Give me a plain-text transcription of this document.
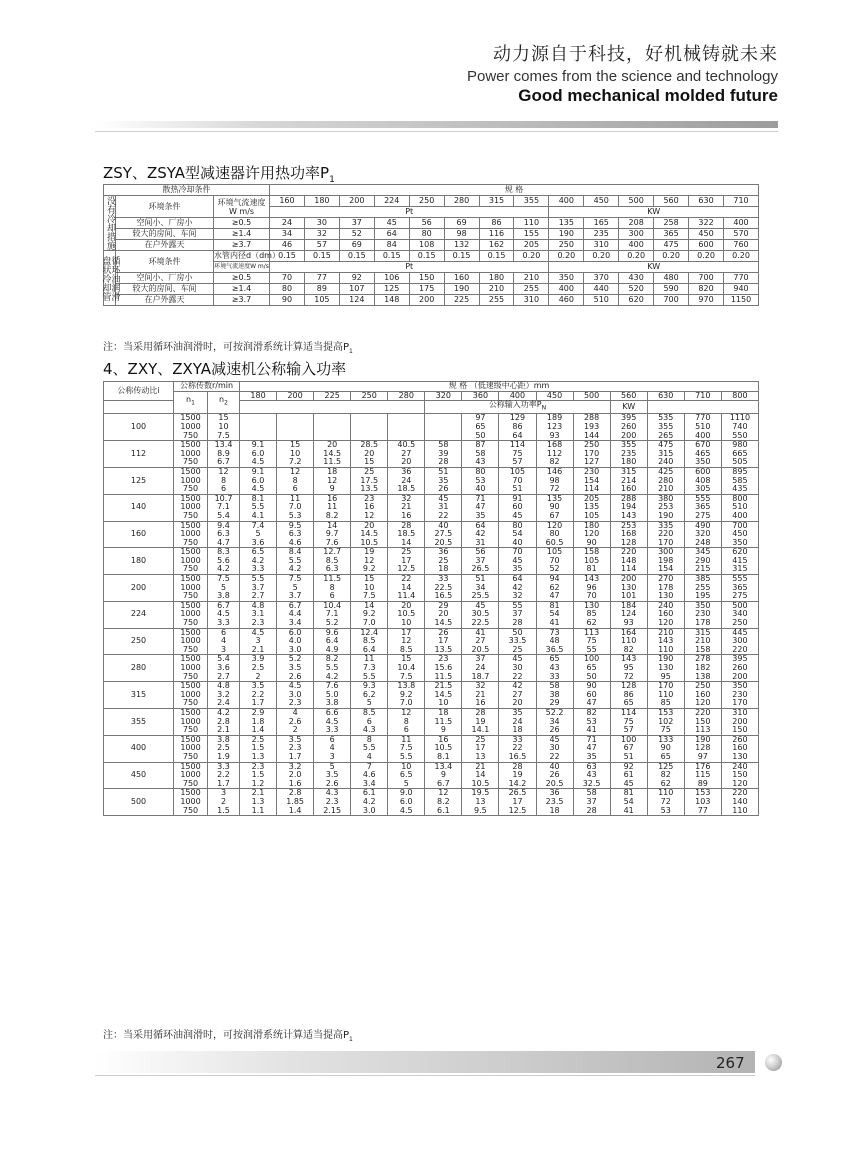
动力源自于科技，好机械铸就未来
Power comes from the science and technology
Good mechanical molded future
ZSY、ZSYA型减速器许用热功率$P_1$
散热冷却条件			规 格													
没有冷却措施	环境条件	环境气流速度W m/s	160	180	200	224	250	280	315	355	400	450	500	560	630	710
			Pt								KW					
	空间小、厂房小	≥0.5	24	30	37	45	56	69	86	110	135	165	208	258	322	400
	较大的房间、车间	≥1.4	34	32	52	64	80	98	116	155	190	235	300	365	450	570
	在户外露天	≥3.7	46	57	69	84	108	132	162	205	250	310	400	475	600	760

盘状冷却管 循环油润滑	环境条件	水管内径d（dm）	0.15	0.15	0.15	0.15	0.15	0.15	0.15	0.20	0.20	0.20	0.20	0.20	0.20	0.20
		环境气流速度W m/s	Pt								KW					
	空间小、厂房小	≥0.5	70	77	92	106	150	160	180	210	350	370	430	480	700	770
	较大的房间、车间	≥1.4	80	89	107	125	175	190	210	255	400	440	520	590	820	940
	在户外露天	≥3.7	90	105	124	148	200	225	255	310	460	510	620	700	970	1150
注：当采用循环油润滑时，可按润滑系统计算适当提高$P_1$
4、ZXY、ZXYA减速机公称输入功率
公称传动比i	公称传数r/min		规 格 （低速级中心距）mm													
	$n_1$	$n_2$	180	200	225	250	280	320	360	400	450	500	560	630	710	800
								公称输入功率$P_N$					KW			
100	1500	15							97	129	189	288	395	535	770	1110
	1000	10							65	86	123	193	260	355	510	740
	750	7.5							50	64	93	144	200	265	400	550
112	1500	13.4	9.1	15	20	28.5	40.5	58	87	114	168	250	355	475	670	980
	1000	8.9	6.0	10	14.5	20	27	39	58	75	112	170	235	315	465	665
	750	6.7	4.5	7.2	11.5	15	20	28	43	57	82	127	180	240	350	505
125	1500	12	9.1	12	18	25	36	51	80	105	146	230	315	425	600	895
	1000	8	6.0	8	12	17.5	24	35	53	70	98	154	214	280	408	585
	750	6	4.5	6	9	13.5	18.5	26	40	51	72	114	160	210	305	435
140	1500	10.7	8.1	11	16	23	32	45	71	91	135	205	288	380	555	800
	1000	7.1	5.5	7.0	11	16	21	31	47	60	90	135	194	253	365	510
	750	5.4	4.1	5.3	8.2	12	16	22	35	45	67	105	143	190	275	400
160	1500	9.4	7.4	9.5	14	20	28	40	64	80	120	180	253	335	490	700
	1000	6.3	5	6.3	9.7	14.5	18.5	27.5	42	54	80	120	168	220	320	450
	750	4.7	3.6	4.6	7.6	10.5	14	20.5	31	40	60.5	90	128	170	248	350
180	1500	8.3	6.5	8.4	12.7	19	25	36	56	70	105	158	220	300	345	620
	1000	5.6	4.2	5.5	8.5	12	17	25	37	45	70	105	148	198	290	415
	750	4.2	3.3	4.2	6.3	9.2	12.5	18	26.5	35	52	81	114	154	215	315
200	1500	7.5	5.5	7.5	11.5	15	22	33	51	64	94	143	200	270	385	555
	1000	5	3.7	5	8	10	14	22.5	34	42	62	96	130	178	255	365
	750	3.8	2.7	3.7	6	7.5	11.4	16.5	25.5	32	47	70	101	130	195	275
224	1500	6.7	4.8	6.7	10.4	14	20	29	45	55	81	130	184	240	350	500
	1000	4.5	3.1	4.4	7.1	9.2	10.5	20	30.5	37	54	85	124	160	230	340
	750	3.3	2.3	3.4	5.2	7.0	10	14.5	22.5	28	41	62	93	120	178	250
250	1500	6	4.5	6.0	9.6	12.4	17	26	41	50	73	113	164	210	315	445
	1000	4	3	4.0	6.4	8.5	12	17	27	33.5	48	75	110	143	210	300
	750	3	2.1	3.0	4.9	6.4	8.5	13.5	20.5	25	36.5	55	82	110	158	220
280	1500	5.4	3.9	5.2	8.2	11	15	23	37	45	65	100	143	190	278	395
	1000	3.6	2.5	3.5	5.5	7.3	10.4	15.6	24	30	43	65	95	130	182	260
	750	2.7	2	2.6	4.2	5.5	7.5	11.5	18.7	22	33	50	72	95	138	200
315	1500	4.8	3.5	4.5	7.6	9.3	13.8	21.5	32	42	58	90	128	170	250	350
	1000	3.2	2.2	3.0	5.0	6.2	9.2	14.5	21	27	38	60	86	110	160	230
	750	2.4	1.7	2.3	3.8	5	7.0	10	16	20	29	47	65	85	120	170
355	1500	4.2	2.9	4	6.6	8.5	12	18	28	35	52.2	82	114	153	220	310
	1000	2.8	1.8	2.6	4.5	6	8	11.5	19	24	34	53	75	102	150	200
	750	2.1	1.4	2	3.3	4.3	6	9	14.1	18	26	41	57	75	113	150
400	1500	3.8	2.5	3.5	6	8	11	16	25	33	45	71	100	133	190	260
	1000	2.5	1.5	2.3	4	5.5	7.5	10.5	17	22	30	47	67	90	128	160
	750	1.9	1.3	1.7	3	4	5.5	8.1	13	16.5	22	35	51	65	97	130
450	1500	3.3	2.3	3.2	5	7	10	13.4	21	28	40	63	92	125	176	240
	1000	2.2	1.5	2.0	3.5	4.6	6.5	9	14	19	26	43	61	82	115	150
	750	1.7	1.2	1.6	2.6	3.4	5	6.7	10.5	14.2	20.5	32.5	45	62	89	120
500	1500	3	2.1	2.8	4.3	6.1	9.0	12	19.5	26.5	36	58	81	110	153	220
	1000	2	1.3	1.85	2.3	4.2	6.0	8.2	13	17	23.5	37	54	72	103	140
	750	1.5	1.1	1.4	2.15	3.0	4.5	6.1	9.5	12.5	18	28	41	53	77	110
注：当采用循环油润滑时，可按润滑系统计算适当提高$P_1$
267
